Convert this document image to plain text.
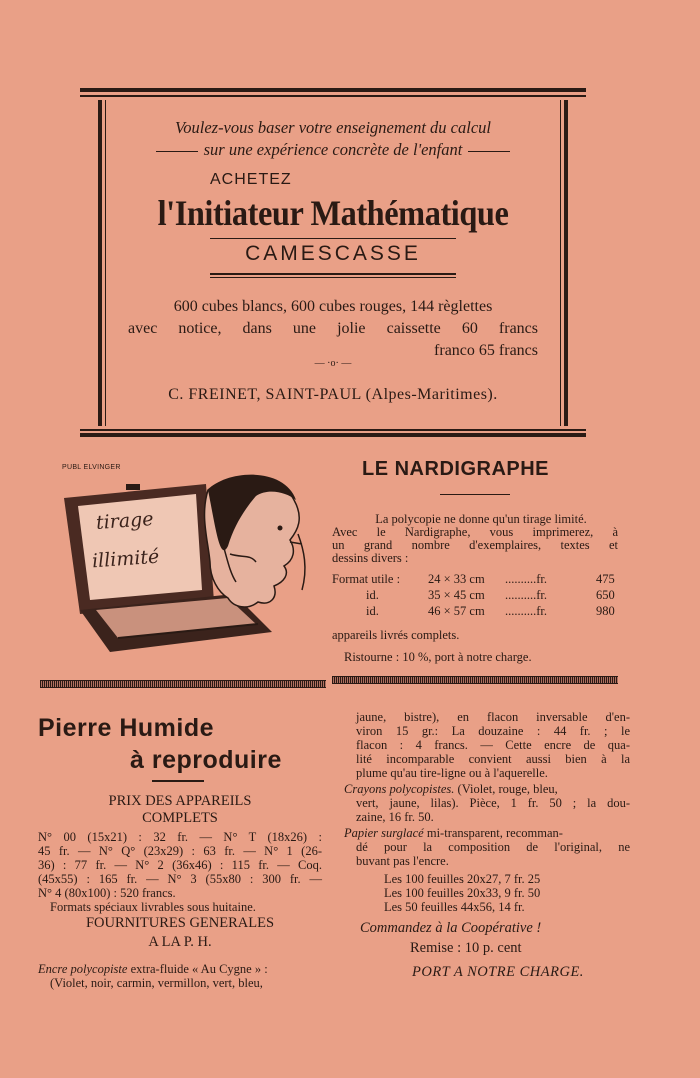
Voulez-vous baser votre enseignement du calcul
sur une expérience concrète de l'enfant
ACHETEZ
l'Initiateur Mathématique
CAMESCASSE
600 cubes blancs, 600 cubes rouges, 144 règlettes
avec notice, dans une jolie caissette 60 francs
franco 65 francs
— ·o· —
C. FREINET, SAINT-PAUL (Alpes-Maritimes).
PUBL ELVINGER
tirage
illimité
LE NARDIGRAPHE
La polycopie ne donne qu'un tirage limité.
Avec le Nardigraphe, vous imprimerez, à
un grand nombre d'exemplaires, textes et
dessins divers :
Format utile : 24 × 33 cm ..........fr.	475
id.	35 × 45 cm ..........fr.	650
id.	46 × 57 cm ..........fr.	980
appareils livrés complets.
Ristourne : 10 %, port à notre charge.
Pierre Humide
à reproduire
PRIX DES APPAREILS
COMPLETS
N° 00 (15x21) : 32 fr. — N° T (18x26) :
45 fr. — N° Q° (23x29) : 63 fr. — N° 1 (26-
36) : 77 fr. — N° 2 (36x46) : 115 fr. — Coq.
(45x55) : 165 fr. — N° 3 (55x80 : 300 fr. —
N° 4 (80x100) : 520 francs.
Formats spéciaux livrables sous huitaine.
FOURNITURES GENERALES
A LA P. H.
Encre polycopiste extra-fluide « Au Cygne » :
(Violet, noir, carmin, vermillon, vert, bleu,
jaune, bistre), en flacon inversable d'en-
viron 15 gr.: La douzaine : 44 fr. ; le
flacon : 4 francs. — Cette encre de qua-
lité incomparable convient aussi bien à la
plume qu'au tire-ligne ou à l'aquerelle.
Crayons polycopistes. (Violet, rouge, bleu,
vert, jaune, lilas). Pièce, 1 fr. 50 ; la dou-
zaine, 16 fr. 50.
Papier surglacé mi-transparent, recomman-
dé pour la composition de l'original, ne
buvant pas l'encre.
Les 100 feuilles 20x27, 7 fr. 25
Les 100 feuilles 20x33, 9 fr. 50
Les 50 feuilles 44x56, 14 fr.
Commandez à la Coopérative !
Remise : 10 p. cent
PORT A NOTRE CHARGE.
